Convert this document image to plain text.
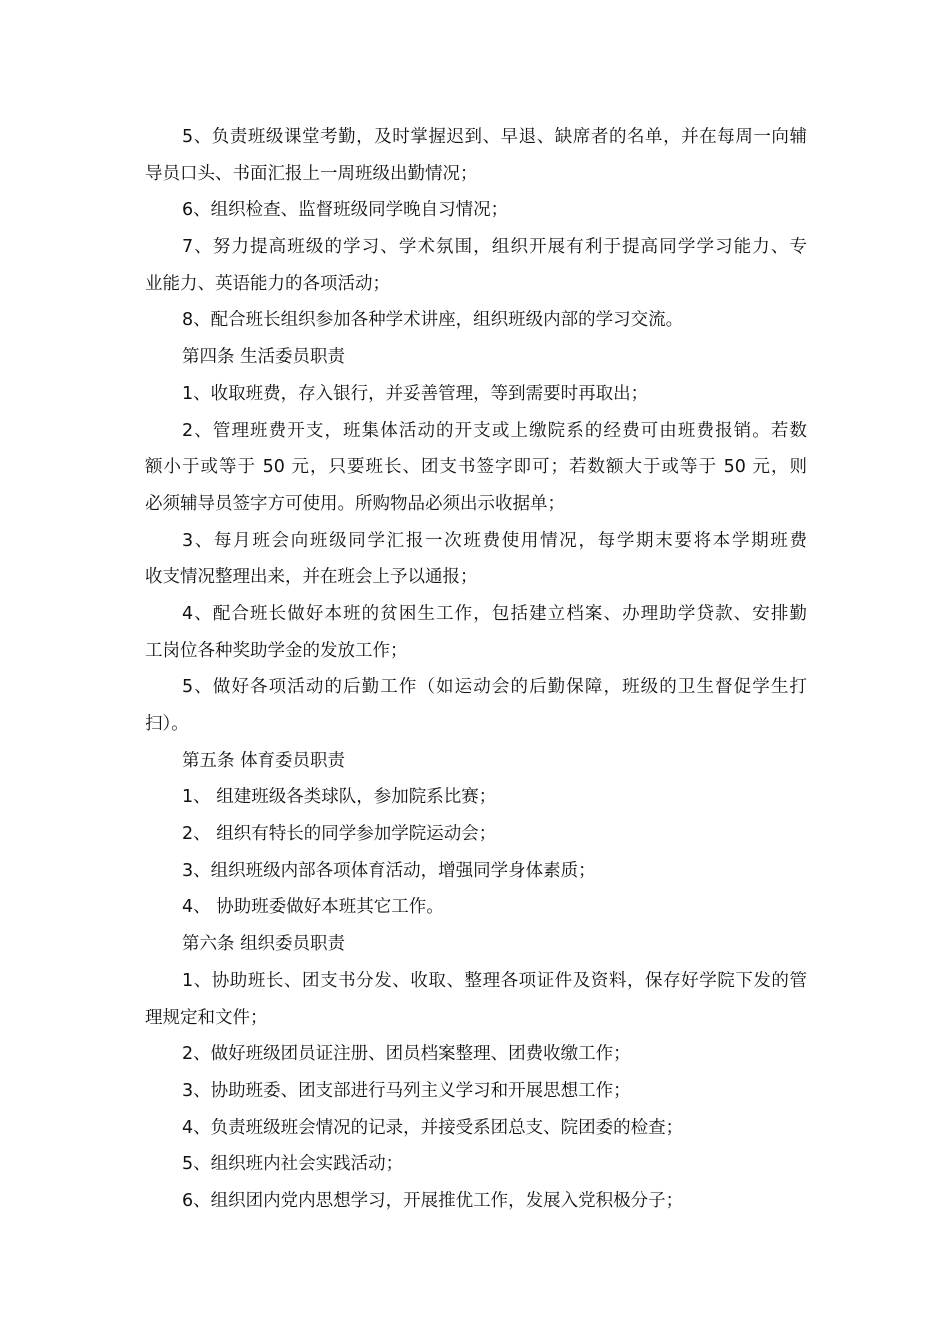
5、负责班级课堂考勤，及时掌握迟到、早退、缺席者的名单，并在每周一向辅
导员口头、书面汇报上一周班级出勤情况；
6、组织检查、监督班级同学晚自习情况；
7、努力提高班级的学习、学术氛围，组织开展有利于提高同学学习能力、专
业能力、英语能力的各项活动；
8、配合班长组织参加各种学术讲座，组织班级内部的学习交流。
第四条 生活委员职责
1、收取班费，存入银行，并妥善管理，等到需要时再取出；
2、管理班费开支，班集体活动的开支或上缴院系的经费可由班费报销。若数
额小于或等于 50 元，只要班长、团支书签字即可；若数额大于或等于 50 元，则
必须辅导员签字方可使用。所购物品必须出示收据单；
3、每月班会向班级同学汇报一次班费使用情况，每学期末要将本学期班费
收支情况整理出来，并在班会上予以通报；
4、配合班长做好本班的贫困生工作，包括建立档案、办理助学贷款、安排勤
工岗位各种奖助学金的发放工作；
5、做好各项活动的后勤工作（如运动会的后勤保障，班级的卫生督促学生打
扫）。
第五条 体育委员职责
1、 组建班级各类球队，参加院系比赛；
2、 组织有特长的同学参加学院运动会；
3、组织班级内部各项体育活动，增强同学身体素质；
4、 协助班委做好本班其它工作。
第六条 组织委员职责
1、协助班长、团支书分发、收取、整理各项证件及资料，保存好学院下发的管
理规定和文件；
2、做好班级团员证注册、团员档案整理、团费收缴工作；
3、协助班委、团支部进行马列主义学习和开展思想工作；
4、负责班级班会情况的记录，并接受系团总支、院团委的检查；
5、组织班内社会实践活动；
6、组织团内党内思想学习，开展推优工作，发展入党积极分子；
